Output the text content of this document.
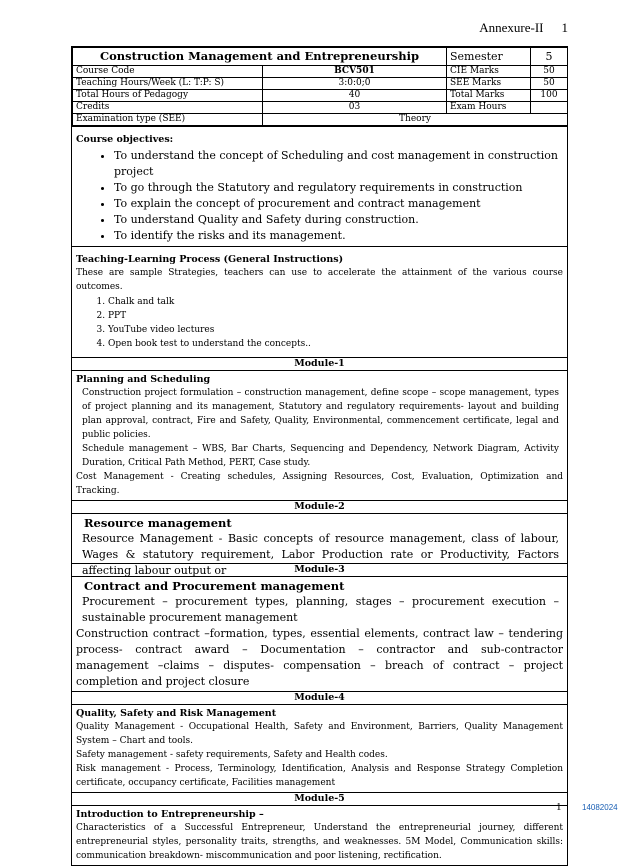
Annexure-II 1
Construction Management and Entrepreneurship		Semester	5
Course Code	BCV501	CIE Marks	50
Teaching Hours/Week (L: T:P: S)	3:0:0;0	SEE Marks	50
Total Hours of Pedagogy	40	Total Marks	100
Credits	03	Exam Hours	
Examination type (SEE)	Theory		
Course objectives:
• To understand the concept of Scheduling and cost management in construction project
• To go through the Statutory and regulatory requirements in construction
• To explain the concept of procurement and contract management
• To understand Quality and Safety during construction.
• To identify the risks and its management.
Teaching-Learning Process (General Instructions)
These are sample Strategies, teachers can use to accelerate the attainment of the various course outcomes.
1. Chalk and talk
2. PPT
3. YouTube video lectures
4. Open book test to understand the concepts..
Module-1
Planning and Scheduling
Construction project formulation – construction management, define scope – scope management, types of project planning and its management, Statutory and regulatory requirements- layout and building plan approval, contract, Fire and Safety, Quality, Environmental, commencement certificate, legal and public policies.
Schedule management – WBS, Bar Charts, Sequencing and Dependency, Network Diagram, Activity Duration, Critical Path Method, PERT, Case study.
Cost Management - Creating schedules, Assigning Resources, Cost, Evaluation, Optimization and Tracking.
Module-2
Resource management
Resource Management - Basic concepts of resource management, class of labour, Wages & statutory requirement, Labor Production rate or Productivity, Factors affecting labour output or	Module-3
Contract and Procurement management
Procurement – procurement types, planning, stages – procurement execution – sustainable procurement management
Construction contract –formation, types, essential elements, contract law – tendering process- contract award – Documentation – contractor and sub-contractor management –claims – disputes- compensation – breach of contract – project completion and project closure
Module-4
Quality, Safety and Risk Management
Quality Management - Occupational Health, Safety and Environment, Barriers, Quality Management System – Chart and tools.
Safety management - safety requirements, Safety and Health codes.
Risk management - Process, Terminology, Identification, Analysis and Response Strategy Completion certificate, occupancy certificate, Facilities management
Module-5
Introduction to Entrepreneurship –
Characteristics of a Successful Entrepreneur, Understand the entrepreneurial journey, different entrepreneurial styles, personality traits, strengths, and weaknesses. 5M Model, Communication skills: communication breakdown- miscommunication and poor listening, rectification.
1	14082024
